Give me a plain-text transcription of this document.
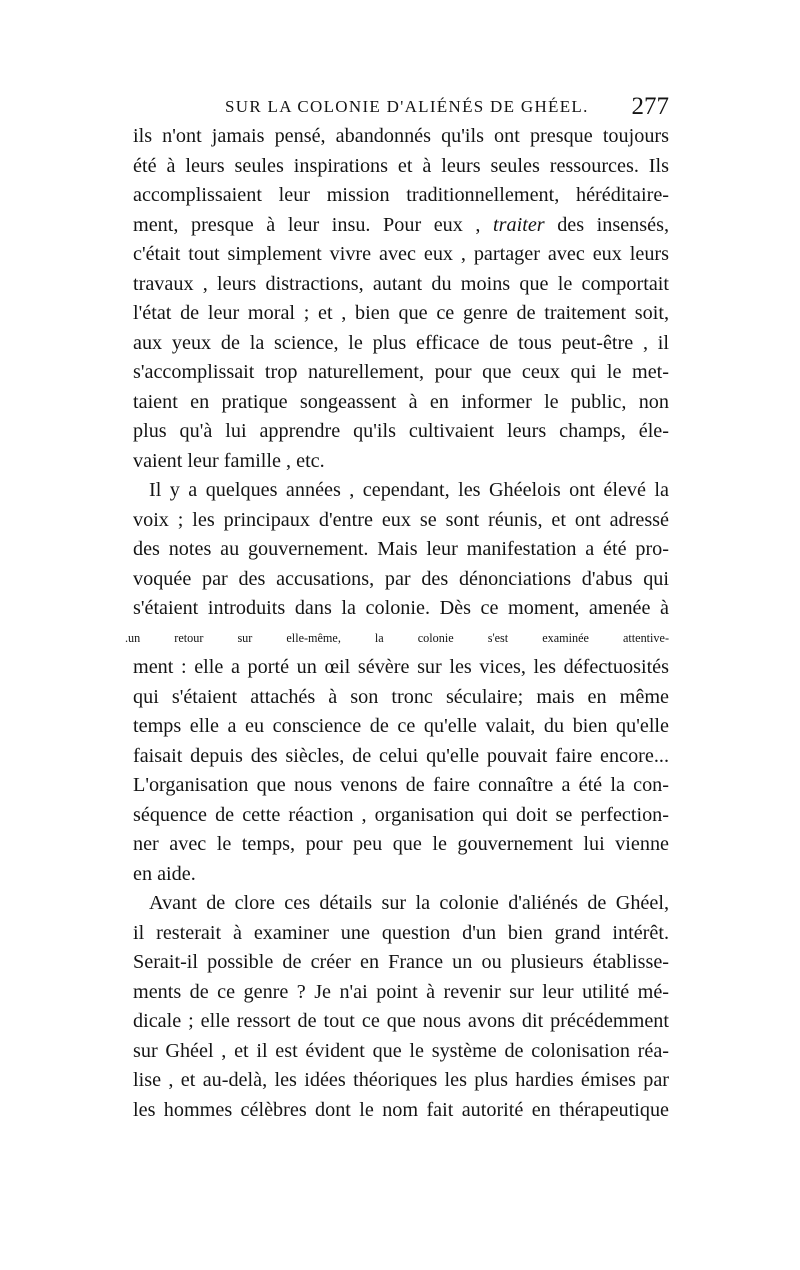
SUR LA COLONIE D'ALIÉNÉS DE GHÉEL. 277
ils n'ont jamais pensé, abandonnés qu'ils ont presque toujours
été à leurs seules inspirations et à leurs seules ressources. Ils
accomplissaient leur mission traditionnellement, héréditaire-
ment, presque à leur insu. Pour eux , traiter des insensés,
c'était tout simplement vivre avec eux , partager avec eux leurs
travaux , leurs distractions, autant du moins que le comportait
l'état de leur moral ; et , bien que ce genre de traitement soit,
aux yeux de la science, le plus efficace de tous peut-être , il
s'accomplissait trop naturellement, pour que ceux qui le met-
taient en pratique songeassent à en informer le public, non
plus qu'à lui apprendre qu'ils cultivaient leurs champs, éle-
vaient leur famille , etc.
Il y a quelques années , cependant, les Ghéelois ont élevé la
voix ; les principaux d'entre eux se sont réunis, et ont adressé
des notes au gouvernement. Mais leur manifestation a été pro-
voquée par des accusations, par des dénonciations d'abus qui
s'étaient introduits dans la colonie. Dès ce moment, amenée à
.un retour sur elle-même, la colonie s'est examinée attentive-
ment : elle a porté un œil sévère sur les vices, les défectuosités
qui s'étaient attachés à son tronc séculaire; mais en même
temps elle a eu conscience de ce qu'elle valait, du bien qu'elle
faisait depuis des siècles, de celui qu'elle pouvait faire encore...
L'organisation que nous venons de faire connaître a été la con-
séquence de cette réaction , organisation qui doit se perfection-
ner avec le temps, pour peu que le gouvernement lui vienne
en aide.
Avant de clore ces détails sur la colonie d'aliénés de Ghéel,
il resterait à examiner une question d'un bien grand intérêt.
Serait-il possible de créer en France un ou plusieurs établisse-
ments de ce genre ? Je n'ai point à revenir sur leur utilité mé-
dicale ; elle ressort de tout ce que nous avons dit précédemment
sur Ghéel , et il est évident que le système de colonisation réa-
lise , et au-delà, les idées théoriques les plus hardies émises par
les hommes célèbres dont le nom fait autorité en thérapeutique
